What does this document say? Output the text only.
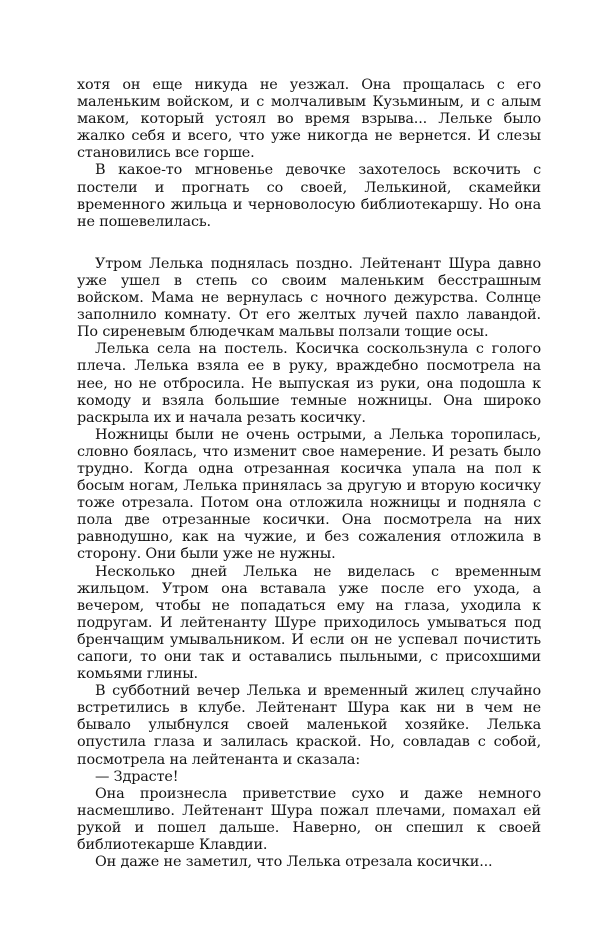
хотя он еще никуда не уезжал. Она прощалась с его маленьким войском, и с молчаливым Кузьминым, и с алым маком, который устоял во время взрыва... Лельке было жалко себя и всего, что уже никогда не вернется. И слезы становились все горше.

В какое-то мгновенье девочке захотелось вскочить с постели и прогнать со своей, Лелькиной, скамейки временного жильца и черноволосую библиотекаршу. Но она не пошевелилась.

Утром Лелька поднялась поздно. Лейтенант Шура давно уже ушел в степь со своим маленьким бесстрашным войском. Мама не вернулась с ночного дежурства. Солнце заполнило комнату. От его желтых лучей пахло лавандой. По сиреневым блюдечкам мальвы ползали тощие осы.

Лелька села на постель. Косичка соскользнула с голого плеча. Лелька взяла ее в руку, враждебно посмотрела на нее, но не отбросила. Не выпуская из руки, она подошла к комоду и взяла большие темные ножницы. Она широко раскрыла их и начала резать косичку.

Ножницы были не очень острыми, а Лелька торопилась, словно боялась, что изменит свое намерение. И резать было трудно. Когда одна отрезанная косичка упала на пол к босым ногам, Лелька принялась за другую и вторую косичку тоже отрезала. Потом она отложила ножницы и подняла с пола две отрезанные косички. Она посмотрела на них равнодушно, как на чужие, и без сожаления отложила в сторону. Они были уже не нужны.

Несколько дней Лелька не виделась с временным жильцом. Утром она вставала уже после его ухода, а вечером, чтобы не попадаться ему на глаза, уходила к подругам. И лейтенанту Шуре приходилось умываться под бренчащим умывальником. И если он не успевал почистить сапоги, то они так и оставались пыльными, с присохшими комьями глины.

В субботний вечер Лелька и временный жилец случайно встретились в клубе. Лейтенант Шура как ни в чем не бывало улыбнулся своей маленькой хозяйке. Лелька опустила глаза и залилась краской. Но, совладав с собой, посмотрела на лейтенанта и сказала:

— Здрасте!

Она произнесла приветствие сухо и даже немного насмешливо. Лейтенант Шура пожал плечами, помахал ей рукой и пошел дальше. Наверно, он спешил к своей библиотекарше Клавдии.

Он даже не заметил, что Лелька отрезала косички...
